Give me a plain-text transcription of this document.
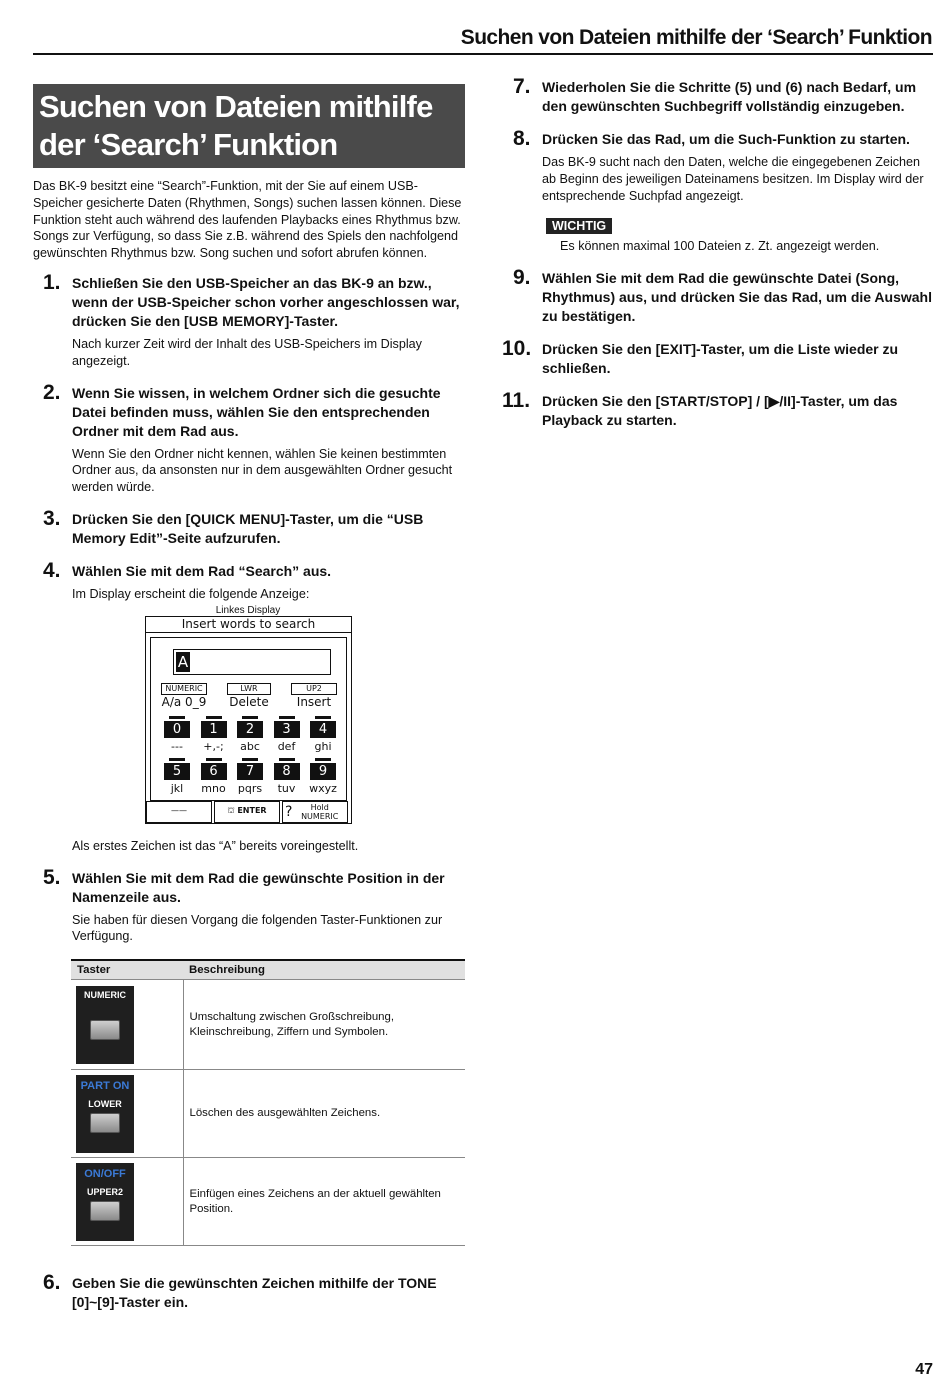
Suchen von Dateien mithilfe der ‘Search’ Funktion
Suchen von Dateien mithilfe der ‘Search’ Funktion

Das BK-9 besitzt eine “Search”-Funktion, mit der Sie auf einem USB-Speicher gesicherte Daten (Rhythmen, Songs) suchen lassen können. Diese Funktion steht auch während des laufenden Playbacks eines Rhythmus bzw. Songs zur Verfügung, so dass Sie z.B. während des Spiels den nachfolgend gewünschten Rhythmus bzw. Song suchen und sofort abrufen können.

1. Schließen Sie den USB-Speicher an das BK-9 an bzw., wenn der USB-Speicher schon vorher angeschlossen war, drücken Sie den [USB MEMORY]-Taster.
Nach kurzer Zeit wird der Inhalt des USB-Speichers im Display angezeigt.
2. Wenn Sie wissen, in welchem Ordner sich die gesuchte Datei befinden muss, wählen Sie den entsprechenden Ordner mit dem Rad aus.
Wenn Sie den Ordner nicht kennen, wählen Sie keinen bestimmten Ordner aus, da ansonsten nur in dem ausgewählten Ordner gesucht werden würde.
3. Drücken Sie den [QUICK MENU]-Taster, um die “USB Memory Edit”-Seite aufzurufen.
4. Wählen Sie mit dem Rad “Search” aus.
Im Display erscheint die folgende Anzeige:
Linkes Display
Insert words to search
A
NUMERIC
A/a 0_9
LWR
Delete
UP2
Insert
0
---
1
+,-;
2
abc
3
def
4
ghi
5
jkl
6
mno
7
pqrs
8
tuv
9
wxyz
——	⛫ ENTER	? Hold
NUMERIC
Als erstes Zeichen ist das “A” bereits voreingestellt.
5. Wählen Sie mit dem Rad die gewünschte Position in der Namenzeile aus.
Sie haben für diesen Vorgang die folgenden Taster-Funktionen zur Verfügung.
Taster	Beschreibung

NUMERIC	Umschaltung zwischen Großschreibung, Kleinschreibung, Ziffern und Symbolen.

PART ON
LOWER	Löschen des ausgewählten Zeichens.

ON/OFF
UPPER2	Einfügen eines Zeichens an der aktuell gewählten Position.
6. Geben Sie die gewünschten Zeichen mithilfe der TONE [0]~[9]-Taster ein.
7. Wiederholen Sie die Schritte (5) und (6) nach Bedarf, um den gewünschten Suchbegriff vollständig einzugeben.
8. Drücken Sie das Rad, um die Such-Funktion zu starten.
Das BK-9 sucht nach den Daten, welche die eingegebenen Zeichen ab Beginn des jeweiligen Dateinamens besitzen. Im Display wird der entsprechende Suchpfad angezeigt.
WICHTIG
Es können maximal 100 Dateien z. Zt. angezeigt werden.
9. Wählen Sie mit dem Rad die gewünschte Datei (Song, Rhythmus) aus, und drücken Sie das Rad, um die Auswahl zu bestätigen.
10. Drücken Sie den [EXIT]-Taster, um die Liste wieder zu schließen.
11. Drücken Sie den [START/STOP] / [▶/II]-Taster, um das Playback zu starten.
47
